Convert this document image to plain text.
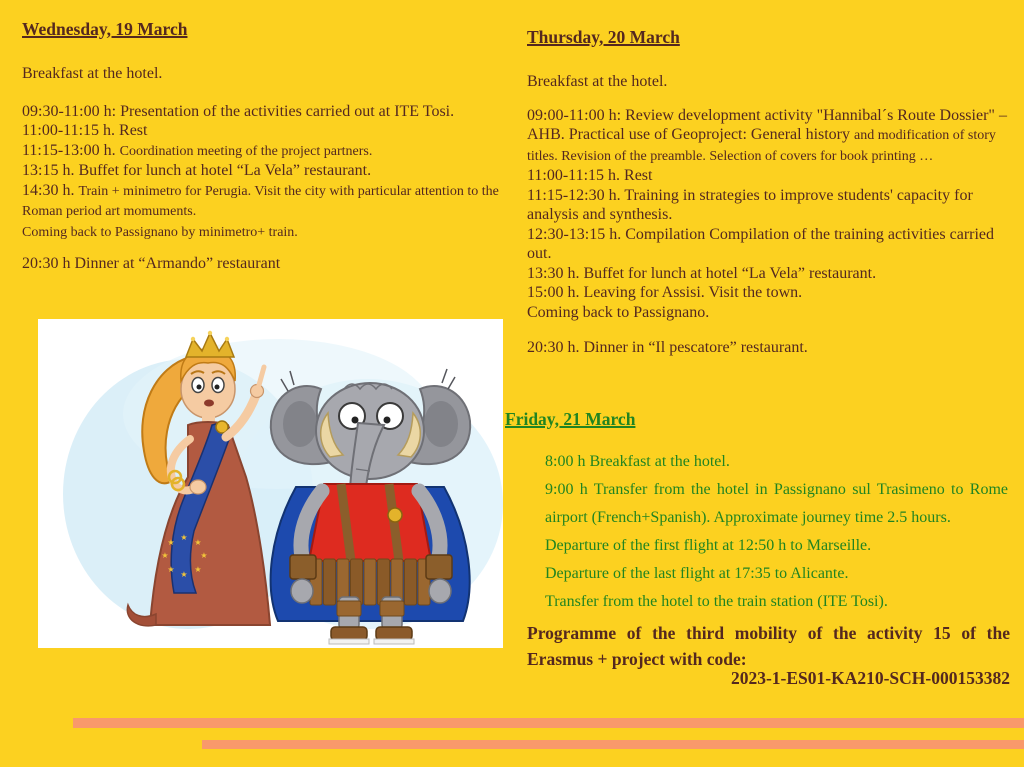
Wednesday, 19 March

Breakfast at the hotel.

09:30-11:00 h: Presentation of the activities carried out at ITE Tosi.
11:00-11:15 h. Rest
11:15-13:00 h. Coordination meeting of the project partners.
13:15 h. Buffet for lunch at hotel “La Vela” restaurant.
14:30 h. Train + minimetro for Perugia. Visit the city with particular attention to the Roman period art momuments.
Coming back to Passignano by minimetro+ train.

20:30 h Dinner at “Armando” restaurant

★
★
★
★
★
★
★
★
Thursday, 20 March

Breakfast at the hotel.

09:00-11:00 h: Review development activity "Hannibal´s Route Dossier" – AHB. Practical use of Geoproject: General history and modification of story titles. Revision of the preamble. Selection of covers for book printing …
11:00-11:15 h. Rest
11:15-12:30 h. Training in strategies to improve students' capacity for analysis and synthesis.
12:30-13:15 h. Compilation Compilation of the training activities carried out.
13:30 h. Buffet for lunch at hotel “La Vela” restaurant.
15:00 h. Leaving for Assisi. Visit the town.
Coming back to Passignano.

20:30 h. Dinner in “Il pescatore” restaurant.

Friday, 21 March
8:00 h Breakfast at the hotel.
9:00 h Transfer from the hotel in Passignano sul Trasimeno to Rome airport (French+Spanish). Approximate journey time 2.5 hours.
Departure of the first flight at 12:50 h to Marseille.
Departure of the last flight at 17:35 to Alicante.
Transfer from the hotel to the train station (ITE Tosi).

Programme of the third mobility of the activity 15 of the Erasmus + project with code:

2023-1-ES01-KA210-SCH-000153382
